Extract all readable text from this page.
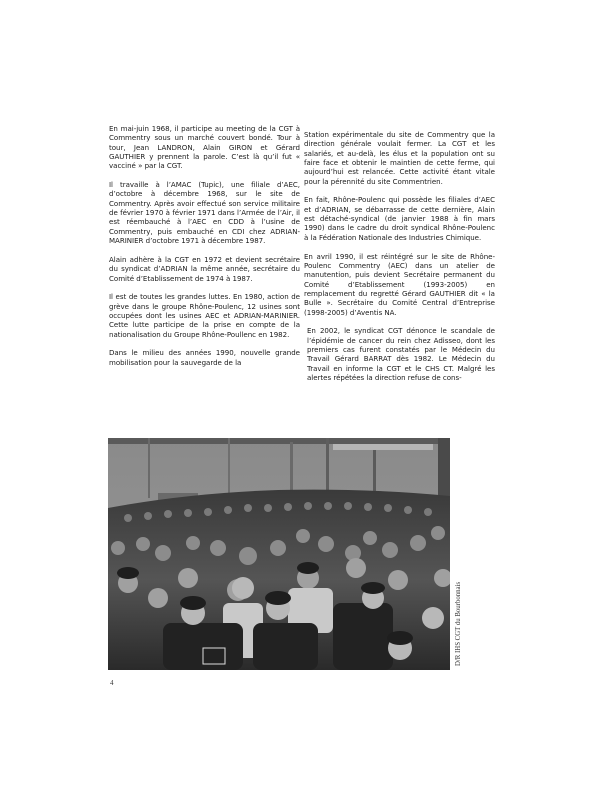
En mai-juin 1968, il participe au meeting de la CGT à Commentry sous un marché couvert bondé. Tour à tour, Jean LANDRON, Alain GIRON et Gérard GAUTHIER y prennent la parole. C’est là qu’il fut « vacciné » par la CGT.

Il travaille à l’AMAC (Tupic), une filiale d’AEC, d’octobre à décembre 1968, sur le site de Commentry. Après avoir effectué son service militaire de février 1970 à février 1971 dans l’Armée de l’Air, il est réembauché à l’AEC en CDD à l’usine de Commentry, puis embauché en CDI chez ADRIAN-MARINIER d’octobre 1971 à décembre 1987.

Alain adhère à la CGT en 1972 et devient secrétaire du syndicat d’ADRIAN la même année, secrétaire du Comité d’Etablissement de 1974 à 1987.

Il est de toutes les grandes luttes. En 1980, action de grève dans le groupe Rhône-Poulenc, 12 usines sont occupées dont les usines AEC et ADRIAN-MARINIER. Cette lutte participe de la prise en compte de la nationalisation du Groupe Rhône-Poullenc en 1982.

Dans le milieu des années 1990, nouvelle grande mobilisation pour la sauvegarde de la

Station expérimentale du site de Commentry que la direction générale voulait fermer. La CGT et les salariés, et au-delà, les élus et la population ont su faire face et obtenir le maintien de cette ferme, qui aujourd’hui est relancée. Cette activité étant vitale pour la pérennité du site Commentrien.

En fait, Rhône-Poulenc qui possède les filiales d’AEC et d’ADRIAN, se débarrasse de cette dernière, Alain est détaché-syndical (de janvier 1988 à fin mars 1990) dans le cadre du droit syndical Rhône-Poulenc à la Fédération Nationale des Industries Chimique.

En avril 1990, il est réintégré sur le site de Rhône-Poulenc Commentry (AEC) dans un atelier de manutention, puis devient Secrétaire permanent du Comité d’Etablissement (1993-2005) en remplacement du regretté Gérard GAUTHIER dit « la Bulle ». Secrétaire du Comité Central d’Entreprise (1998-2005) d’Aventis NA.

En 2002, le syndicat CGT dénonce le scandale de l’épidémie de cancer du rein chez Adisseo, dont les premiers cas furent constatés par le Médecin du Travail Gérard BARRAT dès 1982. Le Médecin du Travail en informe la CGT et le CHS CT. Malgré les alertes répétées la direction refuse de cons-

D/R IHS CGT du Bourbonnais
4
